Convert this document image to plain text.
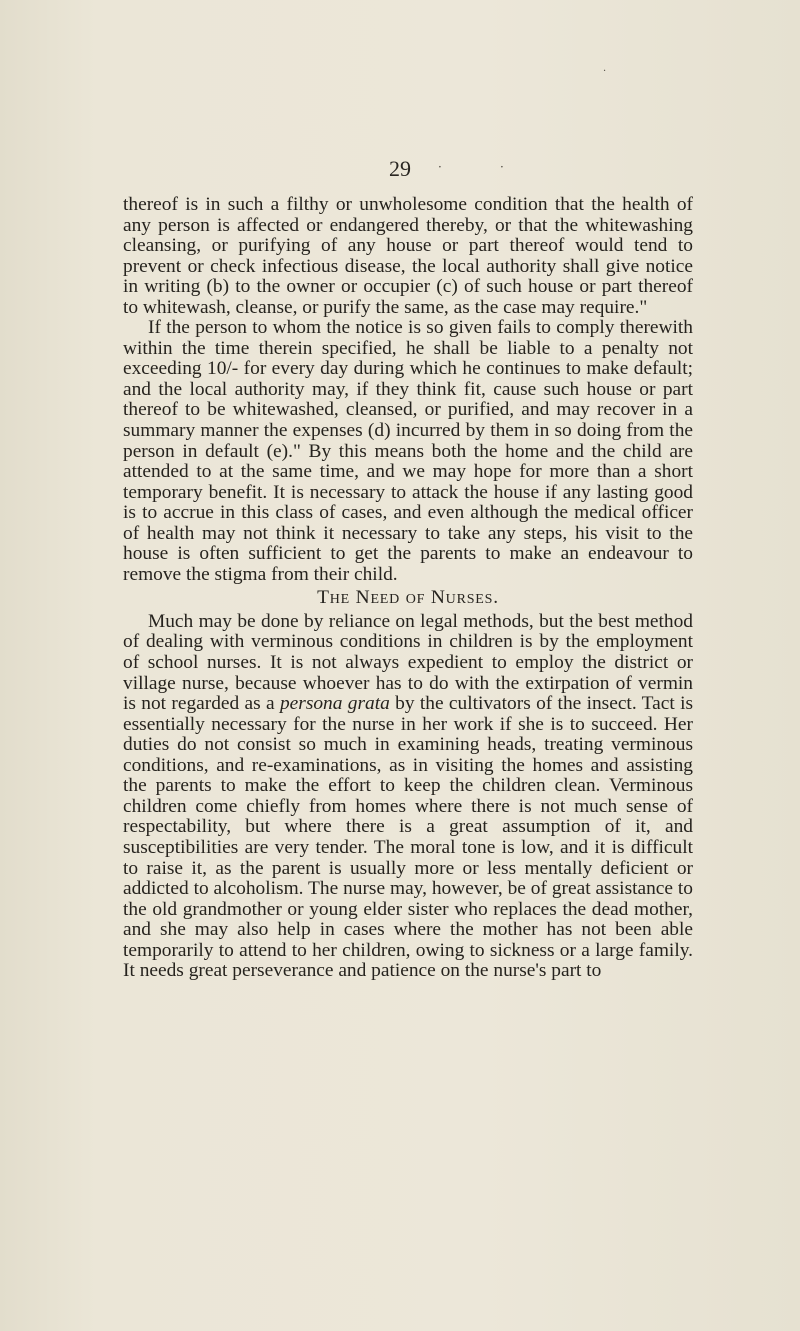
·
·	·
29

thereof is in such a filthy or unwholesome condition that the health of any person is affected or endangered thereby, or that the whitewashing cleansing, or purifying of any house or part thereof would tend to prevent or check infectious disease, the local authority shall give notice in writing (b) to the owner or occupier (c) of such house or part thereof to whitewash, cleanse, or purify the same, as the case may require."

If the person to whom the notice is so given fails to comply therewith within the time therein specified, he shall be liable to a penalty not exceeding 10/- for every day during which he continues to make default; and the local authority may, if they think fit, cause such house or part thereof to be whitewashed, cleansed, or purified, and may recover in a summary manner the expenses (d) incurred by them in so doing from the person in default (e)." By this means both the home and the child are attended to at the same time, and we may hope for more than a short temporary benefit. It is necessary to attack the house if any lasting good is to accrue in this class of cases, and even although the medical officer of health may not think it necessary to take any steps, his visit to the house is often sufficient to get the parents to make an endeavour to remove the stigma from their child.

The Need of Nurses.

Much may be done by reliance on legal methods, but the best method of dealing with verminous conditions in children is by the employment of school nurses. It is not always expedient to employ the district or village nurse, because whoever has to do with the extirpation of vermin is not regarded as a persona grata by the cultivators of the insect. Tact is essentially necessary for the nurse in her work if she is to succeed. Her duties do not consist so much in examining heads, treating verminous conditions, and re-examinations, as in visiting the homes and assisting the parents to make the effort to keep the children clean. Verminous children come chiefly from homes where there is not much sense of respectability, but where there is a great assumption of it, and susceptibilities are very tender. The moral tone is low, and it is difficult to raise it, as the parent is usually more or less mentally deficient or addicted to alcoholism. The nurse may, however, be of great assistance to the old grandmother or young elder sister who replaces the dead mother, and she may also help in cases where the mother has not been able temporarily to attend to her children, owing to sickness or a large family. It needs great perseverance and patience on the nurse's part to
